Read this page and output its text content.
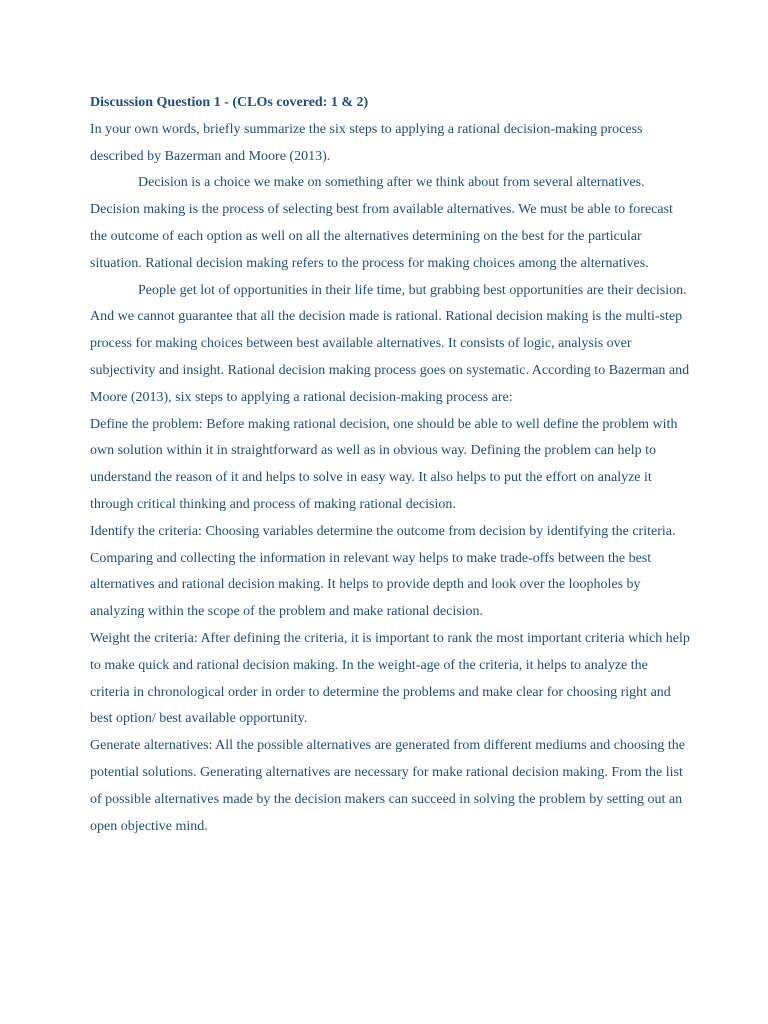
Discussion Question 1 - (CLOs covered: 1 & 2)

In your own words, briefly summarize the six steps to applying a rational decision-making process described by Bazerman and Moore (2013).

Decision is a choice we make on something after we think about from several alternatives. Decision making is the process of selecting best from available alternatives. We must be able to forecast the outcome of each option as well on all the alternatives determining on the best for the particular situation. Rational decision making refers to the process for making choices among the alternatives.

People get lot of opportunities in their life time, but grabbing best opportunities are their decision. And we cannot guarantee that all the decision made is rational. Rational decision making is the multi-step process for making choices between best available alternatives. It consists of logic, analysis over subjectivity and insight. Rational decision making process goes on systematic. According to Bazerman and Moore (2013), six steps to applying a rational decision-making process are:

Define the problem: Before making rational decision, one should be able to well define the problem with own solution within it in straightforward as well as in obvious way. Defining the problem can help to understand the reason of it and helps to solve in easy way. It also helps to put the effort on analyze it through critical thinking and process of making rational decision.

Identify the criteria: Choosing variables determine the outcome from decision by identifying the criteria. Comparing and collecting the information in relevant way helps to make trade-offs between the best alternatives and rational decision making. It helps to provide depth and look over the loopholes by analyzing within the scope of the problem and make rational decision.

Weight the criteria: After defining the criteria, it is important to rank the most important criteria which help to make quick and rational decision making. In the weight-age of the criteria, it helps to analyze the criteria in chronological order in order to determine the problems and make clear for choosing right and best option/ best available opportunity.

Generate alternatives: All the possible alternatives are generated from different mediums and choosing the potential solutions. Generating alternatives are necessary for make rational decision making. From the list of possible alternatives made by the decision makers can succeed in solving the problem by setting out an open objective mind.
